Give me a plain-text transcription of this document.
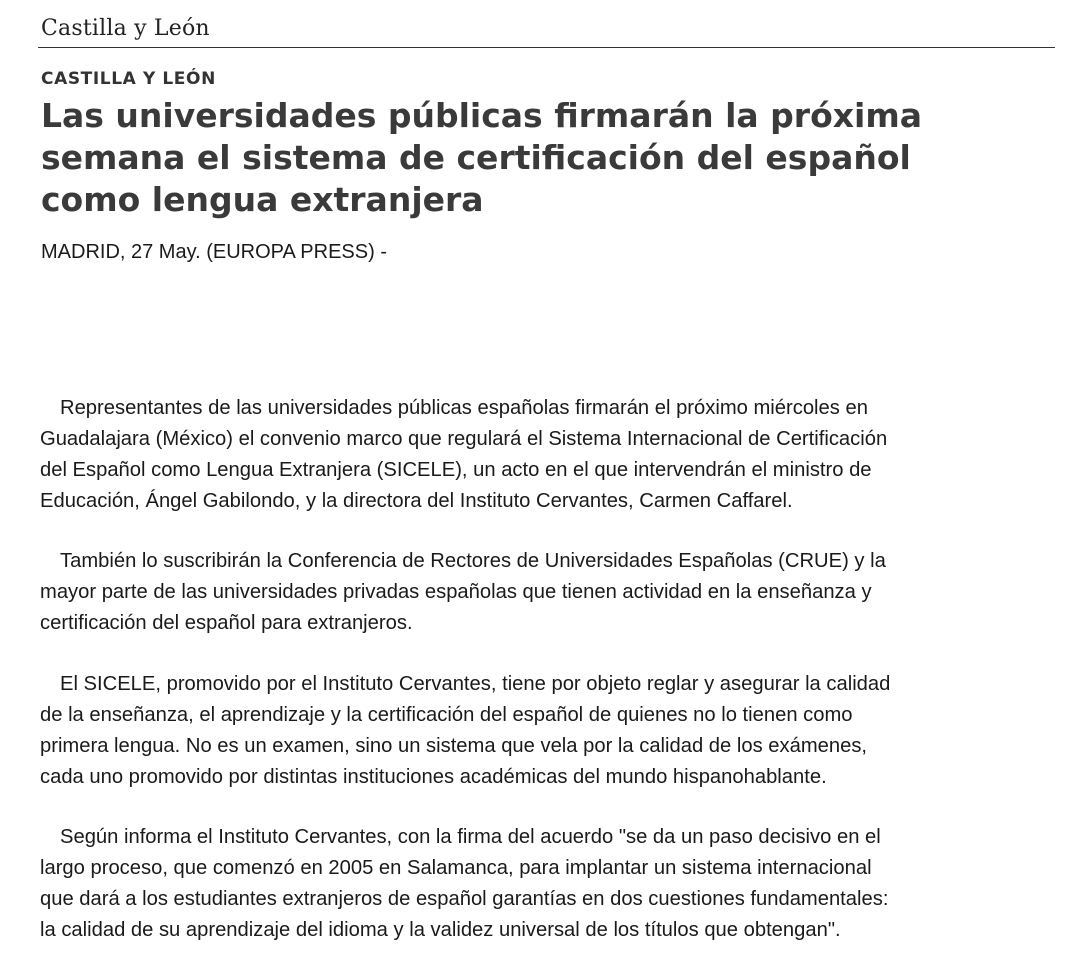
Castilla y León
CASTILLA Y LEÓN
Las universidades públicas firmarán la próxima
semana el sistema de certificación del español
como lengua extranjera
MADRID, 27 May. (EUROPA PRESS) -

Representantes de las universidades públicas españolas firmarán el próximo miércoles en
Guadalajara (México) el convenio marco que regulará el Sistema Internacional de Certificación
del Español como Lengua Extranjera (SICELE), un acto en el que intervendrán el ministro de
Educación, Ángel Gabilondo, y la directora del Instituto Cervantes, Carmen Caffarel.

También lo suscribirán la Conferencia de Rectores de Universidades Españolas (CRUE) y la
mayor parte de las universidades privadas españolas que tienen actividad en la enseñanza y
certificación del español para extranjeros.

El SICELE, promovido por el Instituto Cervantes, tiene por objeto reglar y asegurar la calidad
de la enseñanza, el aprendizaje y la certificación del español de quienes no lo tienen como
primera lengua. No es un examen, sino un sistema que vela por la calidad de los exámenes,
cada uno promovido por distintas instituciones académicas del mundo hispanohablante.

Según informa el Instituto Cervantes, con la firma del acuerdo "se da un paso decisivo en el
largo proceso, que comenzó en 2005 en Salamanca, para implantar un sistema internacional
que dará a los estudiantes extranjeros de español garantías en dos cuestiones fundamentales:
la calidad de su aprendizaje del idioma y la validez universal de los títulos que obtengan".
